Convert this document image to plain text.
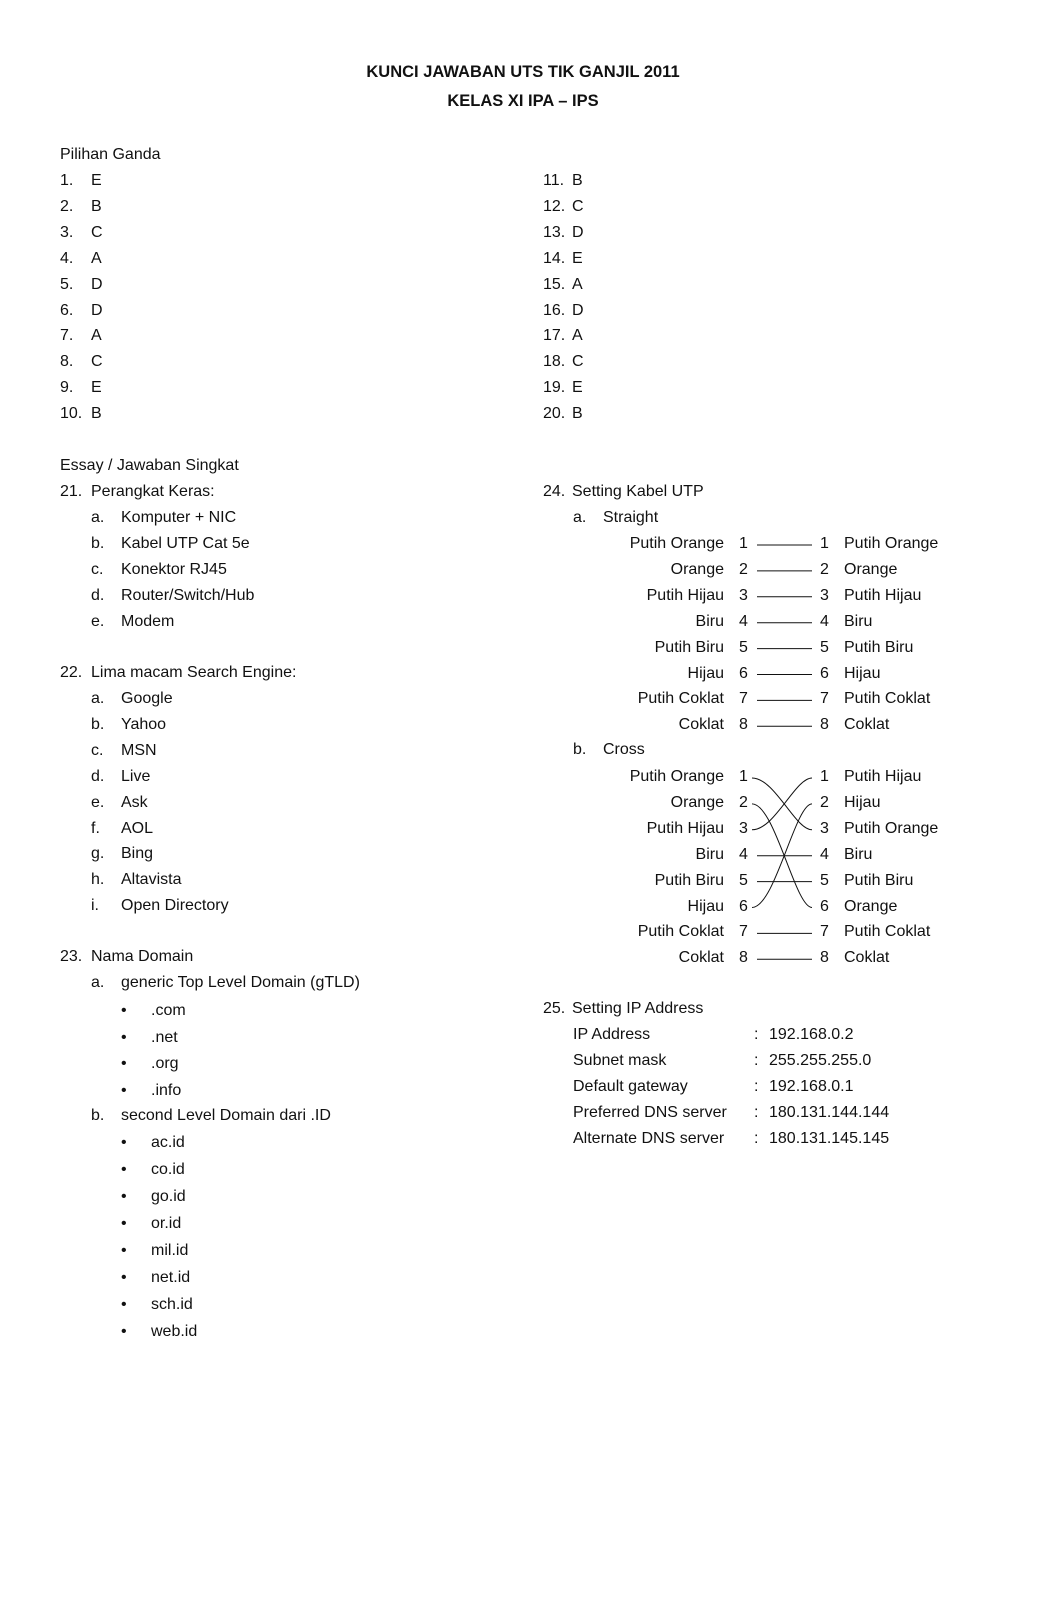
KUNCI JAWABAN UTS TIK GANJIL 2011
KELAS XI IPA – IPS
Pilihan Ganda
1. E
2. B
3. C
4. A
5. D
6. D
7. A
8. C
9. E
10. B
11. B
12. C
13. D
14. E
15. A
16. D
17. A
18. C
19. E
20. B
Essay / Jawaban Singkat
21. Perangkat Keras:
a. Komputer + NIC
b. Kabel UTP Cat 5e
c. Konektor RJ45
d. Router/Switch/Hub
e. Modem
22. Lima macam Search Engine:
a. Google
b. Yahoo
c. MSN
d. Live
e. Ask
f. AOL
g. Bing
h. Altavista
i. Open Directory
23. Nama Domain
a. generic Top Level Domain (gTLD)
• .com
• .net
• .org
• .info
b. second Level Domain dari .ID
• ac.id
• co.id
• go.id
• or.id
• mil.id
• net.id
• sch.id
• web.id
24. Setting Kabel UTP
a. Straight
Putih Orange 1	1 Putih Orange
Orange 2	2 Orange
Putih Hijau 3	3 Putih Hijau
Biru 4	4 Biru
Putih Biru 5	5 Putih Biru
Hijau 6	6 Hijau
Putih Coklat 7	7 Putih Coklat
Coklat 8	8 Coklat
b. Cross
Putih Orange 1	1 Putih Hijau
Orange 2	2 Hijau
Putih Hijau 3	3 Putih Orange
Biru 4	4 Biru
Putih Biru 5	5 Putih Biru
Hijau 6	6 Orange
Putih Coklat 7	7 Putih Coklat
Coklat 8	8 Coklat
25. Setting IP Address
IP Address	: 192.168.0.2
Subnet mask	: 255.255.255.0
Default gateway	: 192.168.0.1
Preferred DNS server : 180.131.144.144
Alternate DNS server : 180.131.145.145
